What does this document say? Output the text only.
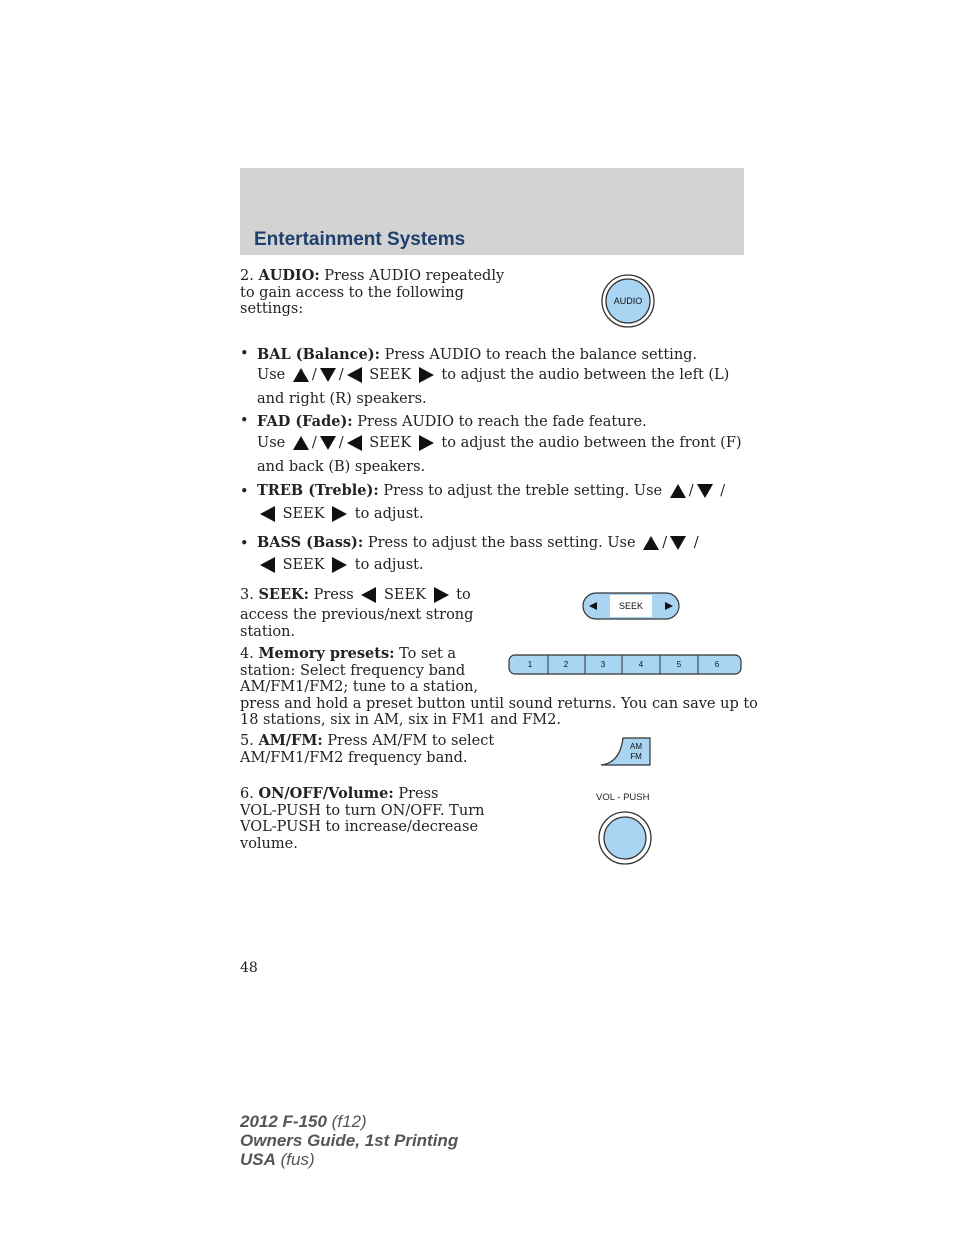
Entertainment Systems
2. AUDIO: Press AUDIO repeatedly
to gain access to the following
settings:
AUDIO
• BAL (Balance): Press AUDIO to reach the balance setting.
Use / / SEEK to adjust the audio between the left (L)
and right (R) speakers.
• FAD (Fade): Press AUDIO to reach the fade feature.
Use / / SEEK to adjust the audio between the front (F)
and back (B) speakers.
• TREB (Treble): Press to adjust the treble setting. Use / /
SEEK to adjust.
• BASS (Bass): Press to adjust the bass setting. Use / /
SEEK to adjust.
3. SEEK: Press SEEK to
access the previous/next strong
station.
SEEK
4. Memory presets: To set a
station: Select frequency band
AM/FM1/FM2; tune to a station,
press and hold a preset button until sound returns. You can save up to
18 stations, six in AM, six in FM1 and FM2.
1	2	3	4	5	6
5. AM/FM: Press AM/FM to select
AM/FM1/FM2 frequency band.
AM
FM
6. ON/OFF/Volume: Press
VOL-PUSH to turn ON/OFF. Turn
VOL-PUSH to increase/decrease
volume.
VOL - PUSH
48
2012 F-150 (f12)
Owners Guide, 1st Printing
USA (fus)
